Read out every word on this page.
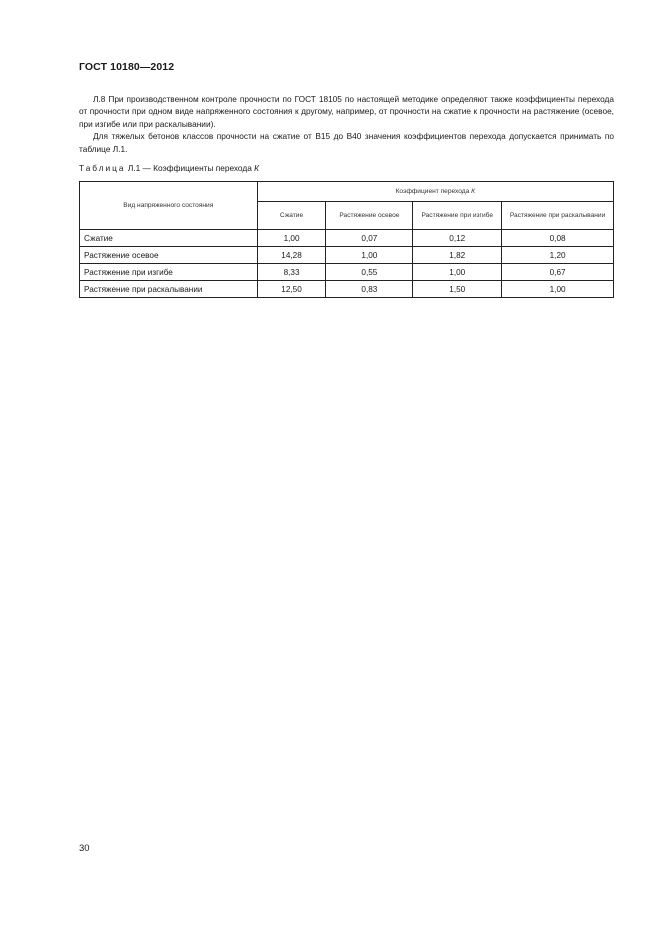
ГОСТ 10180—2012

Л.8 При производственном контроле прочности по ГОСТ 18105 по настоящей методике определяют также коэффициенты перехода от прочности при одном виде напряженного состояния к другому, например, от прочности на сжатие к прочности на растяжение (осевое, при изгибе или при раскалывании).

Для тяжелых бетонов классов прочности на сжатие от В15 до В40 значения коэффициентов перехода допускается принимать по таблице Л.1.

Таблица Л.1 — Коэффициенты перехода К
Вид напряженного состояния	Коэффициент перехода К			
	Сжатие	Растяжение осевое	Растяжение при изгибе	Растяжение при раскалывании
Сжатие	1,00	0,07	0,12	0,08
Растяжение осевое	14,28	1,00	1,82	1,20
Растяжение при изгибе	8,33	0,55	1,00	0,67
Растяжение при раскалывании	12,50	0,83	1,50	1,00
30
